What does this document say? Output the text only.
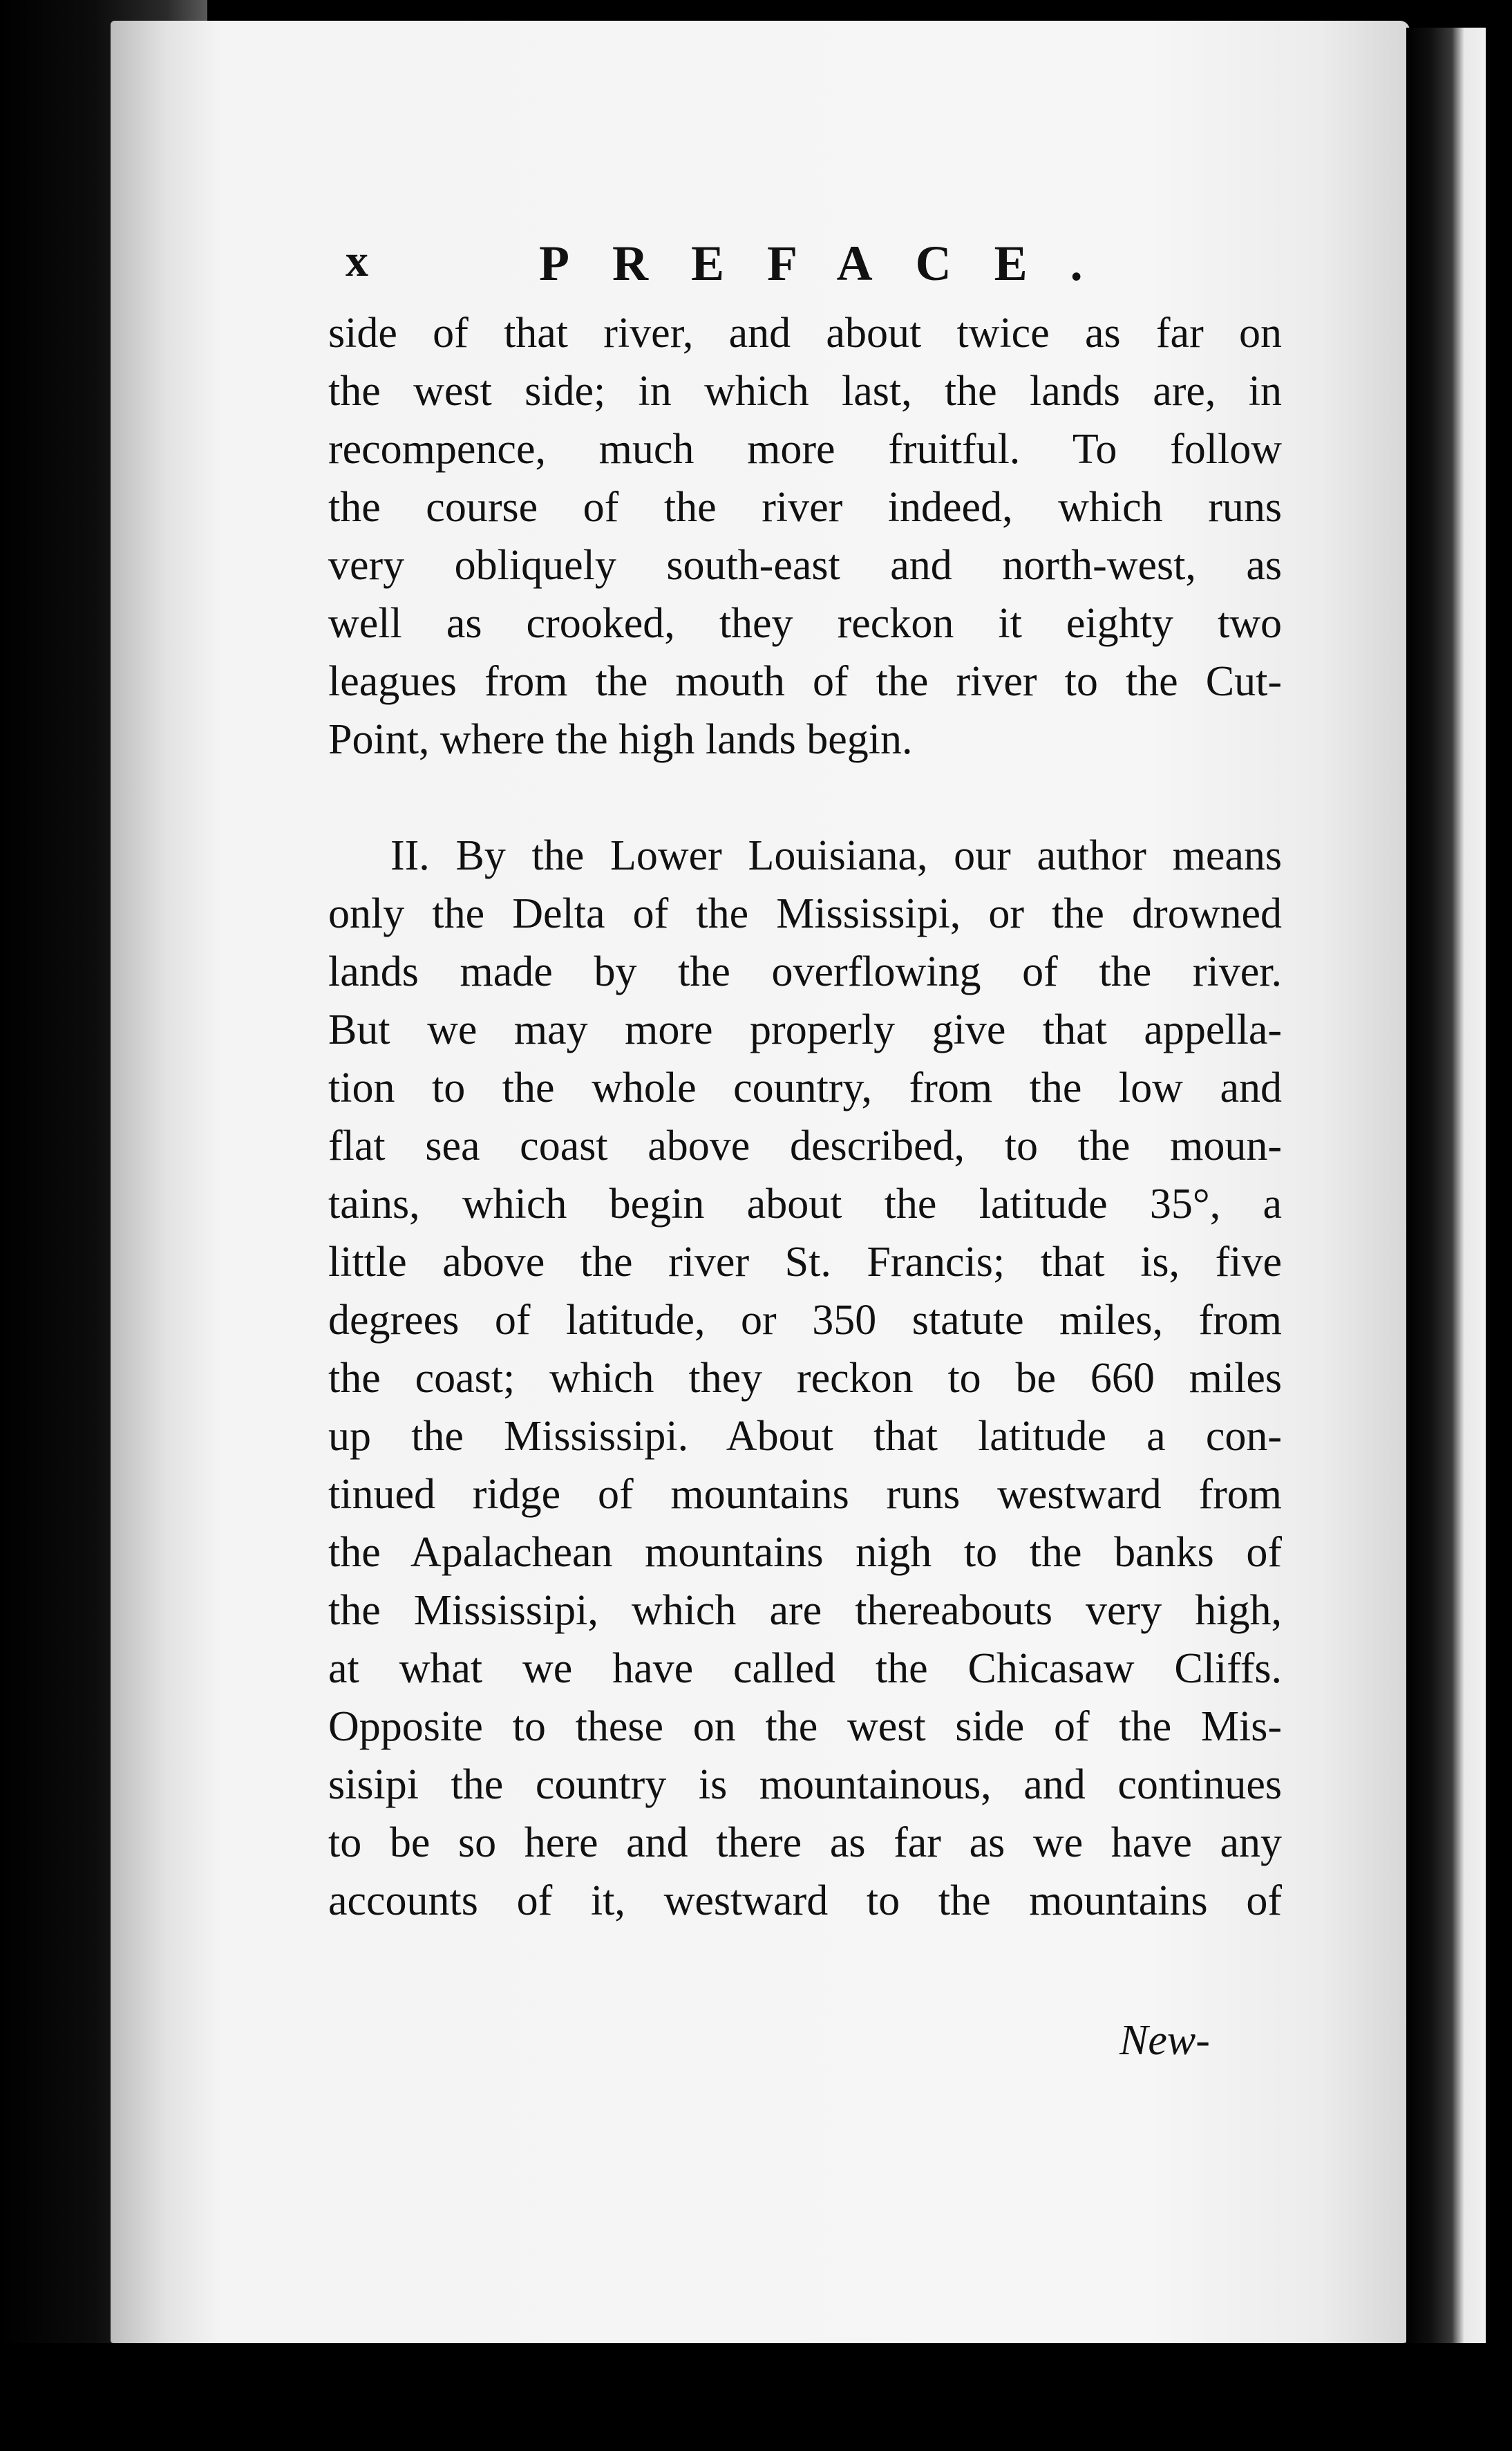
x	PREFACE.
side of that river, and about twice as far on
the west side; in which last, the lands are, in
recompence, much more fruitful. To follow
the course of the river indeed, which runs
very obliquely south-east and north-west, as
well as crooked, they reckon it eighty two
leagues from the mouth of the river to the Cut-
Point, where the high lands begin.
II. By the Lower Louisiana, our author means
only the Delta of the Mississipi, or the drowned
lands made by the overflowing of the river.
But we may more properly give that appella-
tion to the whole country, from the low and
flat sea coast above described, to the moun-
tains, which begin about the latitude 35°, a
little above the river St. Francis; that is, five
degrees of latitude, or 350 statute miles, from
the coast; which they reckon to be 660 miles
up the Mississipi. About that latitude a con-
tinued ridge of mountains runs westward from
the Apalachean mountains nigh to the banks of
the Mississipi, which are thereabouts very high,
at what we have called the Chicasaw Cliffs.
Opposite to these on the west side of the Mis-
sisipi the country is mountainous, and continues
to be so here and there as far as we have any
accounts of it, westward to the mountains of
New-
